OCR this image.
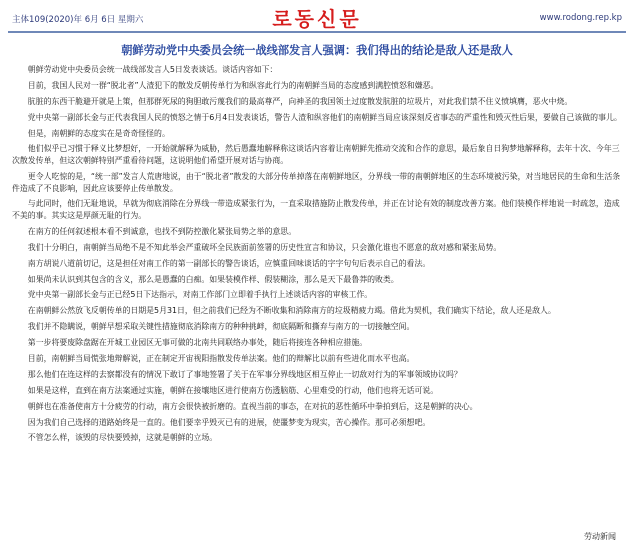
主体109(2020)年 6月 6日 星期六	로동신문	www.rodong.rep.kp
朝鲜劳动党中央委员会统一战线部发言人强调：我们得出的结论是敌人还是敌人

朝鲜劳动党中央委员会统一战线部发言人5日发表谈话。谈话内容如下：

目前，我国人民对一群“脱北者”人渣犯下的散发反朝传单行为和纵容此行为的南朝鲜当局的态度感到满腔愤怒和嫌恶。

肮脏的东西干脆避开就是上策，但那群死尿的狗胆敢污蔑我们的最高尊严，向神圣的我国领土过度散发肮脏的垃圾片，对此我们禁不住义愤填膺，恶火中烧。

党中央第一副部长金与正代表我国人民的愤怒之情于6月4日发表谈话，警告人渣和纵容他们的南朝鲜当局应该深刻反省事态的严重性和毁灭性后果，要做自己该做的事儿。

但是，南朝鲜的态度实在是奇奇怪怪的。

他们似乎已习惯于释义比梦想好，一开始就解释为威胁，然后愚蠢地解释称这谈话内容着让南朝鲜先推动交流和合作的意思，最后象自日狗梦地解释称，去年十次、今年三次散发传单，但这次朝鲜特别严重看待问题，这说明他们希望开展对话与协商。

更令人吃惊的是，“统一部”发言人荒唐地说，由于“脱北者”散发的大部分传单掉落在南朝鲜地区，分界线一带的南朝鲜地区的生态环境被污染，对当地居民的生命和生活条件造成了不良影响，因此应该要停止传单散发。

与此同时，他们无耻地说，早就为彻底消除在分界线一带造成紧张行为，一直采取措施防止散发传单，并正在讨论有效的制度改善方案。他们装模作样地说一时疏忽，造成不美的事。其实这是厚颜无耻的行为。

在南方的任何叙述根本看不到诚意，也找不到防控激化紧张局势之举的意思。

我们十分明白，南朝鲜当局绝不是不知此举会严重破坏全民族面前签署的历史性宣言和协议，只会激化谁也不愿意的敌对感和紧张局势。

南方胡说八道前切记，这是担任对南工作的第一副部长的警告谈话，应慎重回味谈话的字字句句后表示自己的看法。

如果尚未认识到其包含的含义，那么是愚蠢的白痴。如果装模作样、假装糊涂，那么是天下最鲁莽的败类。

党中央第一副部长金与正已经5日下达指示，对南工作部门立即着手执行上述谈话内容的审核工作。

在南朝鲜公然放飞反朝传单的日期是5月31日，但之前我们已经为不断收集和消除南方的垃圾精疲力竭。借此为契机，我们确实下结论，敌人还是敌人。

我们并不隐瞒说，朝鲜早想采取关键性措施彻底消除南方的种种挑衅，彻底隔断和撕弃与南方的一切接触空间。

第一步将要废除盘踞在开城工业园区无事可做的北南共同联络办事处，随后将接连各种相应措施。

目前，南朝鲜当局慌张地辩解说，正在制定开宙视阳指散发传单法案。他们的辩解比以前有些进化而水平也高。

那么他们在连这样的去察都没有的情况下敢订了事地签署了关于在军事分界线地区相互停止一切敌对行为的军事领域协议吗？

如果是这样，直到在南方法案通过实施，朝鲜在接壤地区进行使南方伤透脑筋、心里难受的行动，他们也将无话可说。

朝鲜也在准备使南方十分疲劳的行动，南方会很快被折磨的。直视当前的事态，在对抗的恶性循环中拳拍到后，这是朝鲜的决心。

因为我们自己选择的道路始终是一直的。他们要幸乎毁灭已有的进展，使噩梦变为现实，苦心操作。那可必须想吧。

不管怎么样，该毁的尽快要毁掉，这就是朝鲜的立场。

劳动新闻
